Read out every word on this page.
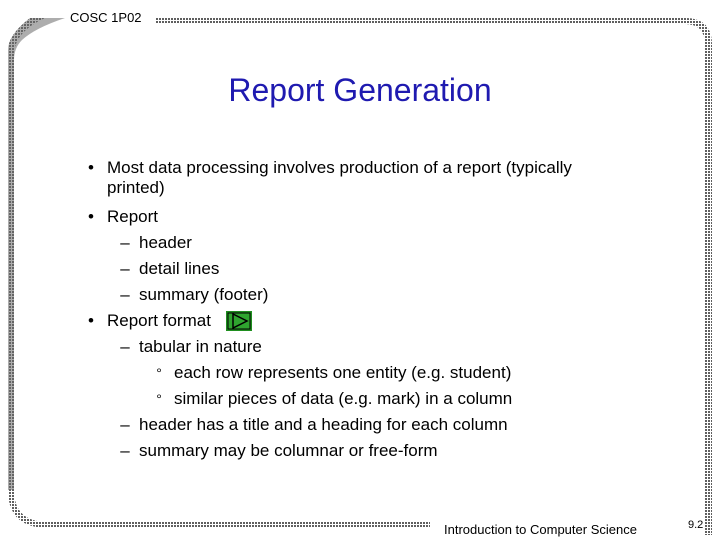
COSC 1P02
Report Generation
• Most data processing involves production of a report (typically printed)
• Report
– header
– detail lines
– summary (footer)
• Report format
– tabular in nature
° each row represents one entity (e.g. student)
° similar pieces of data (e.g. mark) in a column
– header has a title and a heading for each column
– summary may be columnar or free-form
Introduction to Computer Science	9.2
